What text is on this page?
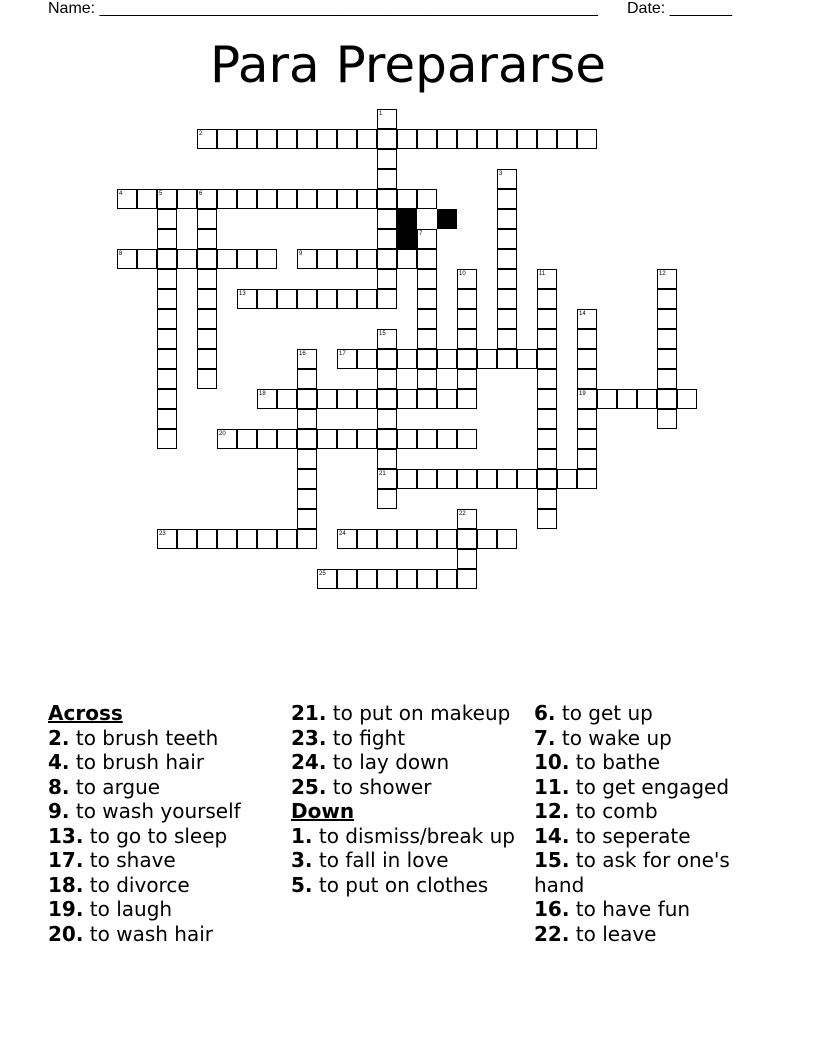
Name: ________________________________________________________ Date: _______
Para Prepararse
1
2
3
4	5	6
7
8	9
10	11	12
13
14
19
15
21
16	17
18
20
22
23	24
25

Across

2. to brush teeth

4. to brush hair

8. to argue

9. to wash yourself

13. to go to sleep

17. to shave

18. to divorce

19. to laugh

20. to wash hair

21. to put on makeup

23. to fight

24. to lay down

25. to shower

Down

1. to dismiss/break up

3. to fall in love

5. to put on clothes

6. to get up

7. to wake up

10. to bathe

11. to get engaged

12. to comb

14. to seperate

15. to ask for one's hand

16. to have fun

22. to leave
